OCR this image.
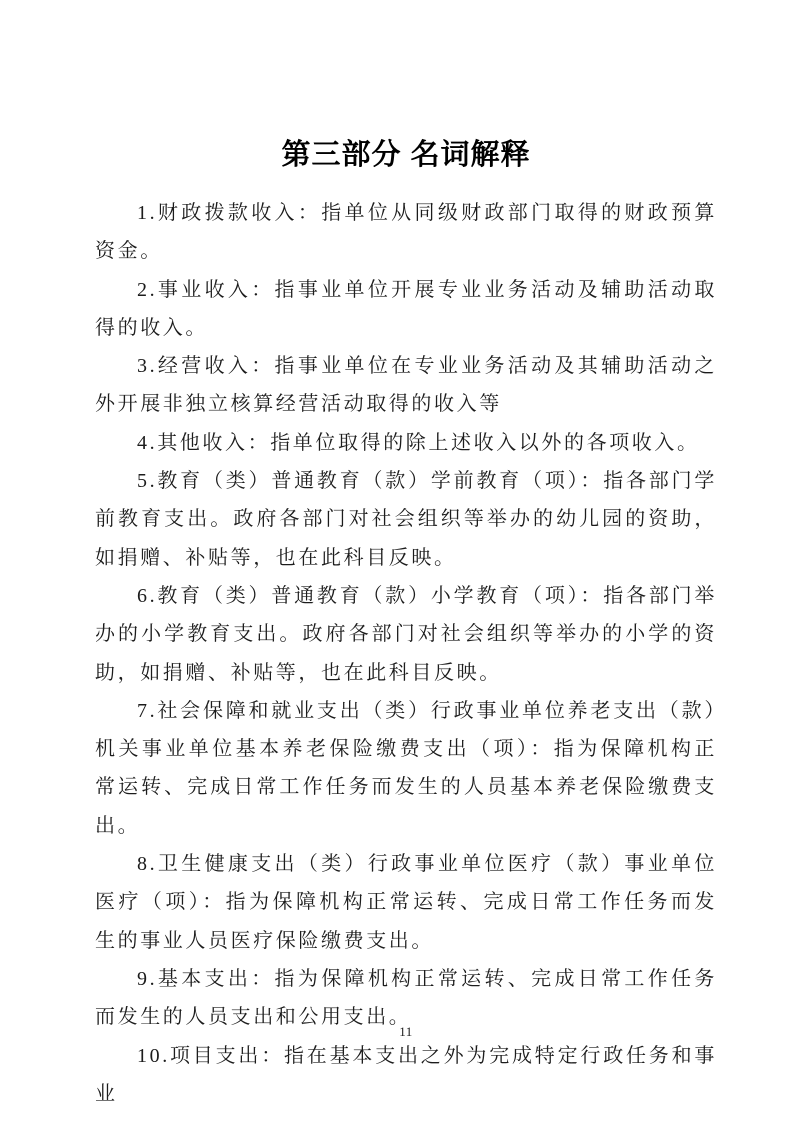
第三部分 名词解释

1.财政拨款收入：指单位从同级财政部门取得的财政预算资金。

2.事业收入：指事业单位开展专业业务活动及辅助活动取得的收入。

3.经营收入：指事业单位在专业业务活动及其辅助活动之外开展非独立核算经营活动取得的收入等

4.其他收入：指单位取得的除上述收入以外的各项收入。

5.教育（类）普通教育（款）学前教育（项）：指各部门学前教育支出。政府各部门对社会组织等举办的幼儿园的资助，如捐赠、补贴等，也在此科目反映。

6.教育（类）普通教育（款）小学教育（项）：指各部门举办的小学教育支出。政府各部门对社会组织等举办的小学的资助，如捐赠、补贴等，也在此科目反映。

7.社会保障和就业支出（类）行政事业单位养老支出（款）机关事业单位基本养老保险缴费支出（项）：指为保障机构正常运转、完成日常工作任务而发生的人员基本养老保险缴费支出。

8.卫生健康支出（类）行政事业单位医疗（款）事业单位医疗（项）：指为保障机构正常运转、完成日常工作任务而发生的事业人员医疗保险缴费支出。

9.基本支出：指为保障机构正常运转、完成日常工作任务而发生的人员支出和公用支出。

10.项目支出：指在基本支出之外为完成特定行政任务和事业

11
